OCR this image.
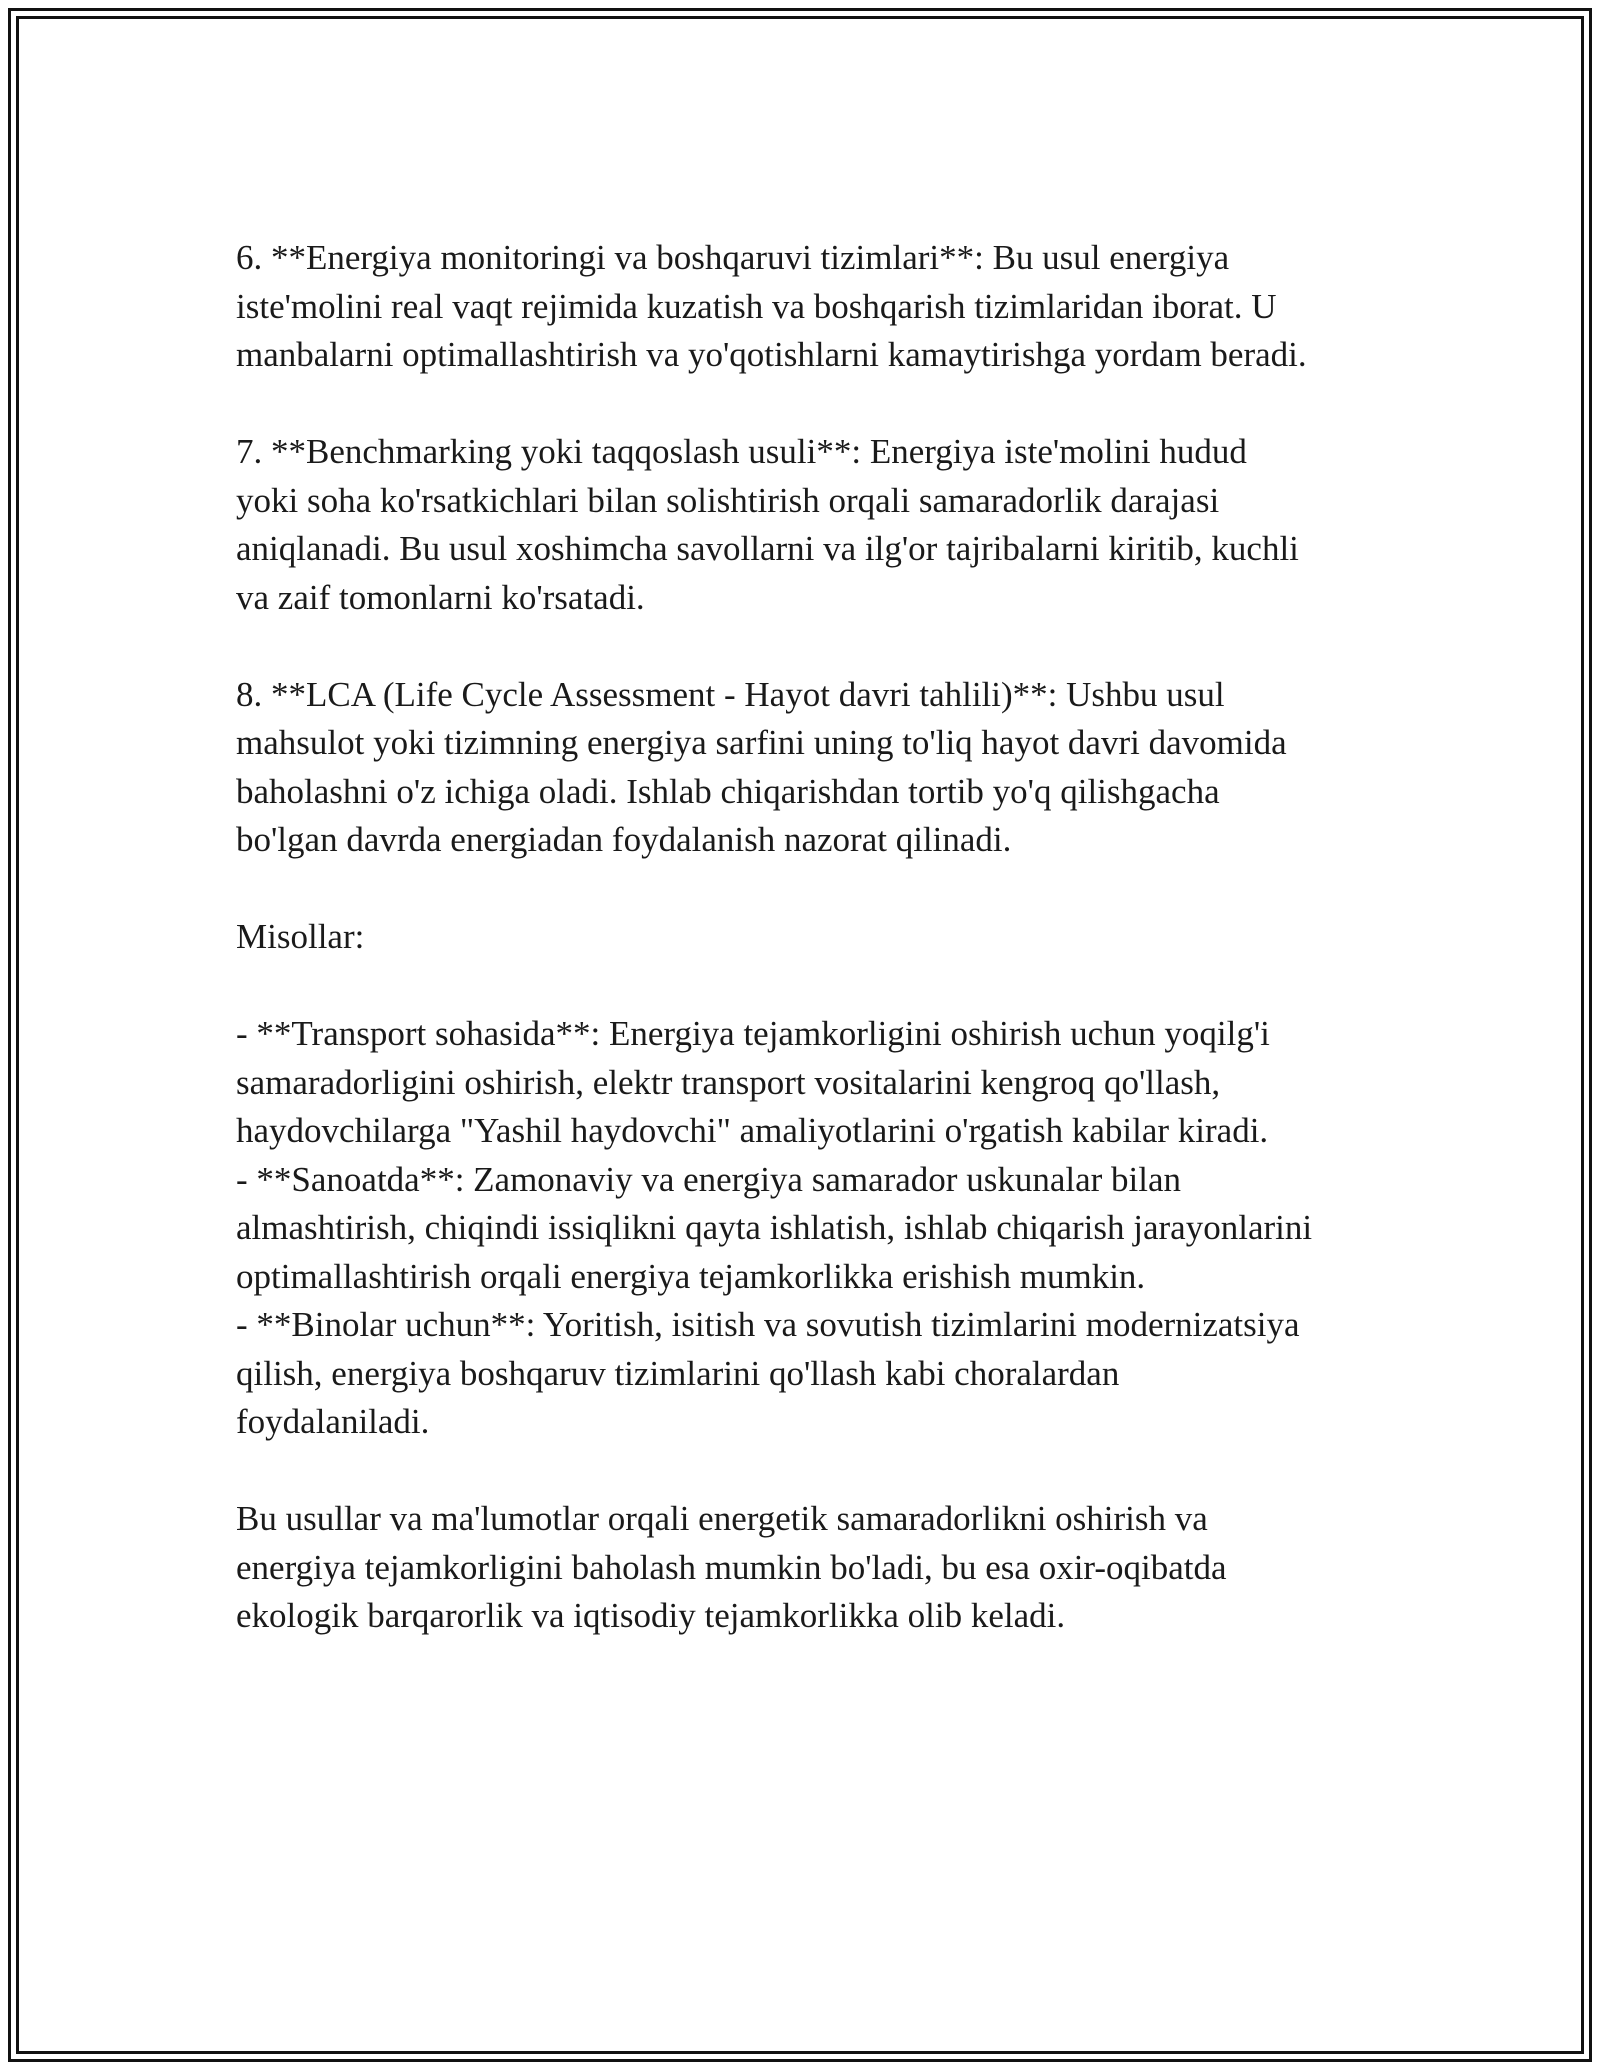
6. **Energiya monitoringi va boshqaruvi tizimlari**: Bu usul energiya
iste'molini real vaqt rejimida kuzatish va boshqarish tizimlaridan iborat. U
manbalarni optimallashtirish va yo'qotishlarni kamaytirishga yordam beradi.

7. **Benchmarking yoki taqqoslash usuli**: Energiya iste'molini hudud
yoki soha ko'rsatkichlari bilan solishtirish orqali samaradorlik darajasi
aniqlanadi. Bu usul xoshimcha savollarni va ilg'or tajribalarni kiritib, kuchli
va zaif tomonlarni ko'rsatadi.

8. **LCA (Life Cycle Assessment - Hayot davri tahlili)**: Ushbu usul
mahsulot yoki tizimning energiya sarfini uning to'liq hayot davri davomida
baholashni o'z ichiga oladi. Ishlab chiqarishdan tortib yo'q qilishgacha
bo'lgan davrda energiadan foydalanish nazorat qilinadi.

Misollar:

- **Transport sohasida**: Energiya tejamkorligini oshirish uchun yoqilg'i
samaradorligini oshirish, elektr transport vositalarini kengroq qo'llash,
haydovchilarga "Yashil haydovchi" amaliyotlarini o'rgatish kabilar kiradi.

- **Sanoatda**: Zamonaviy va energiya samarador uskunalar bilan
almashtirish, chiqindi issiqlikni qayta ishlatish, ishlab chiqarish jarayonlarini
optimallashtirish orqali energiya tejamkorlikka erishish mumkin.

- **Binolar uchun**: Yoritish, isitish va sovutish tizimlarini modernizatsiya
qilish, energiya boshqaruv tizimlarini qo'llash kabi choralardan
foydalaniladi.

Bu usullar va ma'lumotlar orqali energetik samaradorlikni oshirish va
energiya tejamkorligini baholash mumkin bo'ladi, bu esa oxir-oqibatda
ekologik barqarorlik va iqtisodiy tejamkorlikka olib keladi.
